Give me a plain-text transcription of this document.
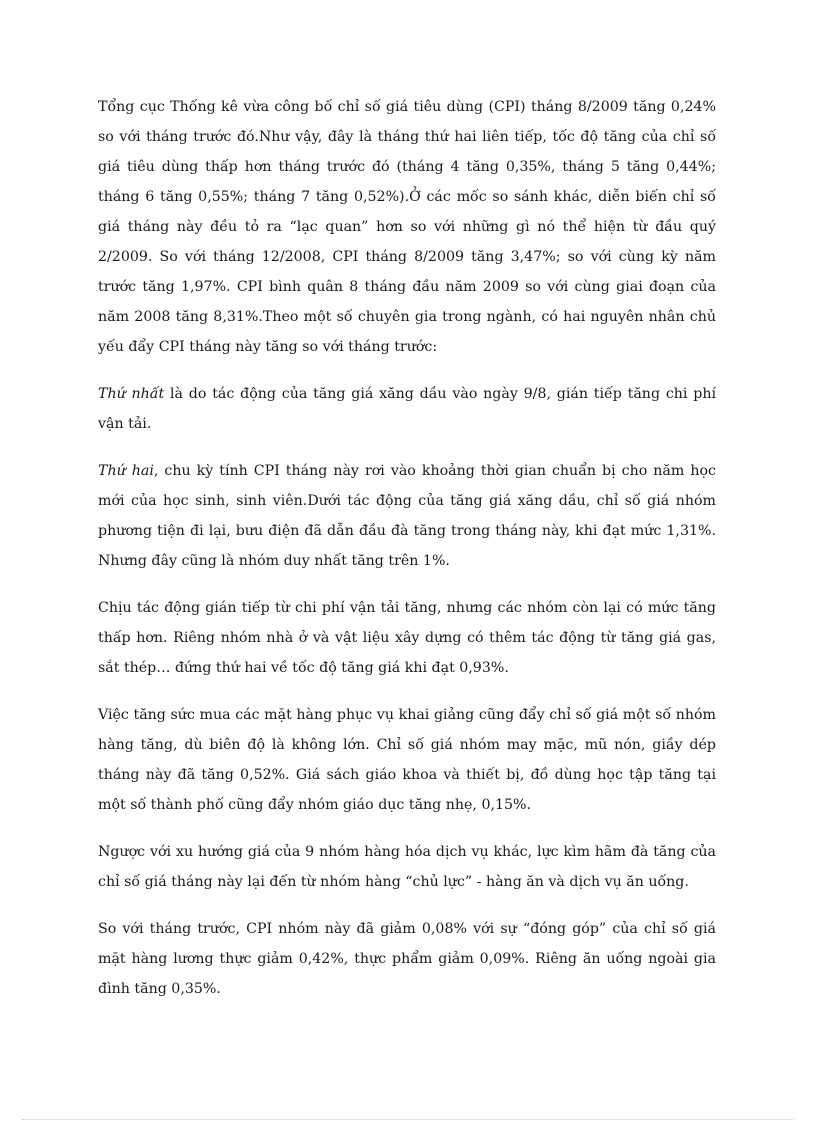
Tổng cục Thống kê vừa công bố chỉ số giá tiêu dùng (CPI) tháng 8/2009 tăng 0,24% so với tháng trước đó.Như vậy, đây là tháng thứ hai liên tiếp, tốc độ tăng của chỉ số giá tiêu dùng thấp hơn tháng trước đó (tháng 4 tăng 0,35%, tháng 5 tăng 0,44%; tháng 6 tăng 0,55%; tháng 7 tăng 0,52%).Ở các mốc so sánh khác, diễn biến chỉ số giá tháng này đều tỏ ra “lạc quan” hơn so với những gì nó thể hiện từ đầu quý 2/2009. So với tháng 12/2008, CPI tháng 8/2009 tăng 3,47%; so với cùng kỳ năm trước tăng 1,97%. CPI bình quân 8 tháng đầu năm 2009 so với cùng giai đoạn của năm 2008 tăng 8,31%.Theo một số chuyên gia trong ngành, có hai nguyên nhân chủ yếu đẩy CPI tháng này tăng so với tháng trước:

Thứ nhất là do tác động của tăng giá xăng dầu vào ngày 9/8, gián tiếp tăng chi phí vận tải.

Thứ hai, chu kỳ tính CPI tháng này rơi vào khoảng thời gian chuẩn bị cho năm học mới của học sinh, sinh viên.Dưới tác động của tăng giá xăng dầu, chỉ số giá nhóm phương tiện đi lại, bưu điện đã dẫn đầu đà tăng trong tháng này, khi đạt mức 1,31%. Nhưng đây cũng là nhóm duy nhất tăng trên 1%.

Chịu tác động gián tiếp từ chi phí vận tải tăng, nhưng các nhóm còn lại có mức tăng thấp hơn. Riêng nhóm nhà ở và vật liệu xây dựng có thêm tác động từ tăng giá gas, sắt thép… đứng thứ hai về tốc độ tăng giá khi đạt 0,93%.

Việc tăng sức mua các mặt hàng phục vụ khai giảng cũng đẩy chỉ số giá một số nhóm hàng tăng, dù biên độ là không lớn. Chỉ số giá nhóm may mặc, mũ nón, giầy dép tháng này đã tăng 0,52%. Giá sách giáo khoa và thiết bị, đồ dùng học tập tăng tại một số thành phố cũng đẩy nhóm giáo dục tăng nhẹ, 0,15%.

Ngược với xu hướng giá của 9 nhóm hàng hóa dịch vụ khác, lực kìm hãm đà tăng của chỉ số giá tháng này lại đến từ nhóm hàng “chủ lực” - hàng ăn và dịch vụ ăn uống.

So với tháng trước, CPI nhóm này đã giảm 0,08% với sự “đóng góp” của chỉ số giá mặt hàng lương thực giảm 0,42%, thực phẩm giảm 0,09%. Riêng ăn uống ngoài gia đình tăng 0,35%.
